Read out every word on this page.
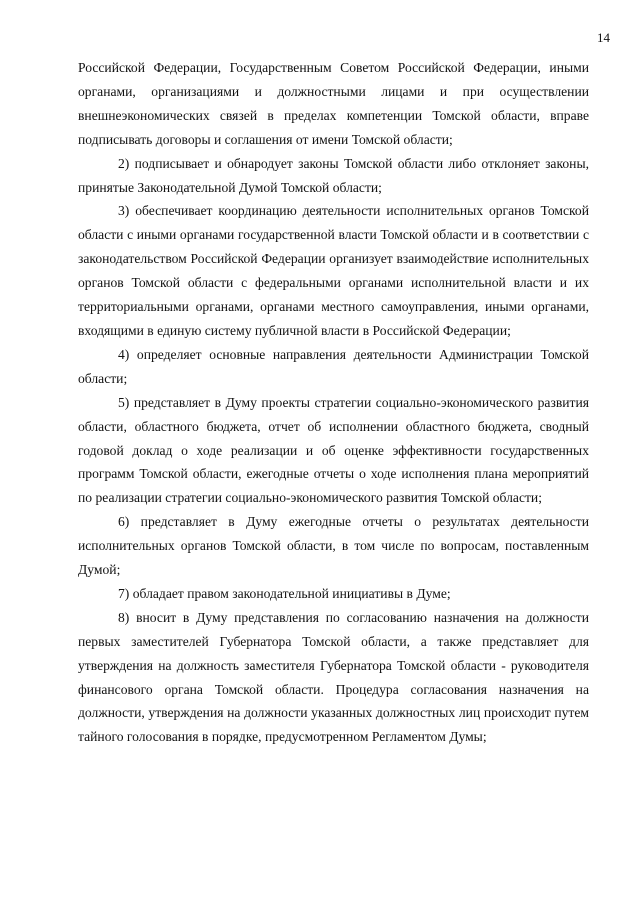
14

Российской Федерации, Государственным Советом Российской Федерации, иными органами, организациями и должностными лицами и при осуществлении внешнеэкономических связей в пределах компетенции Томской области, вправе подписывать договоры и соглашения от имени Томской области;

2) подписывает и обнародует законы Томской области либо отклоняет законы, принятые Законодательной Думой Томской области;

3) обеспечивает координацию деятельности исполнительных органов Томской области с иными органами государственной власти Томской области и в соответствии с законодательством Российской Федерации организует взаимодействие исполнительных органов Томской области с федеральными органами исполнительной власти и их территориальными органами, органами местного самоуправления, иными органами, входящими в единую систему публичной власти в Российской Федерации;

4) определяет основные направления деятельности Администрации Томской области;

5) представляет в Думу проекты стратегии социально-экономического развития области, областного бюджета, отчет об исполнении областного бюджета, сводный годовой доклад о ходе реализации и об оценке эффективности государственных программ Томской области, ежегодные отчеты о ходе исполнения плана мероприятий по реализации стратегии социально-экономического развития Томской области;

6) представляет в Думу ежегодные отчеты о результатах деятельности исполнительных органов Томской области, в том числе по вопросам, поставленным Думой;

7) обладает правом законодательной инициативы в Думе;

8) вносит в Думу представления по согласованию назначения на должности первых заместителей Губернатора Томской области, а также представляет для утверждения на должность заместителя Губернатора Томской области - руководителя финансового органа Томской области. Процедура согласования назначения на должности, утверждения на должности указанных должностных лиц происходит путем тайного голосования в порядке, предусмотренном Регламентом Думы;
